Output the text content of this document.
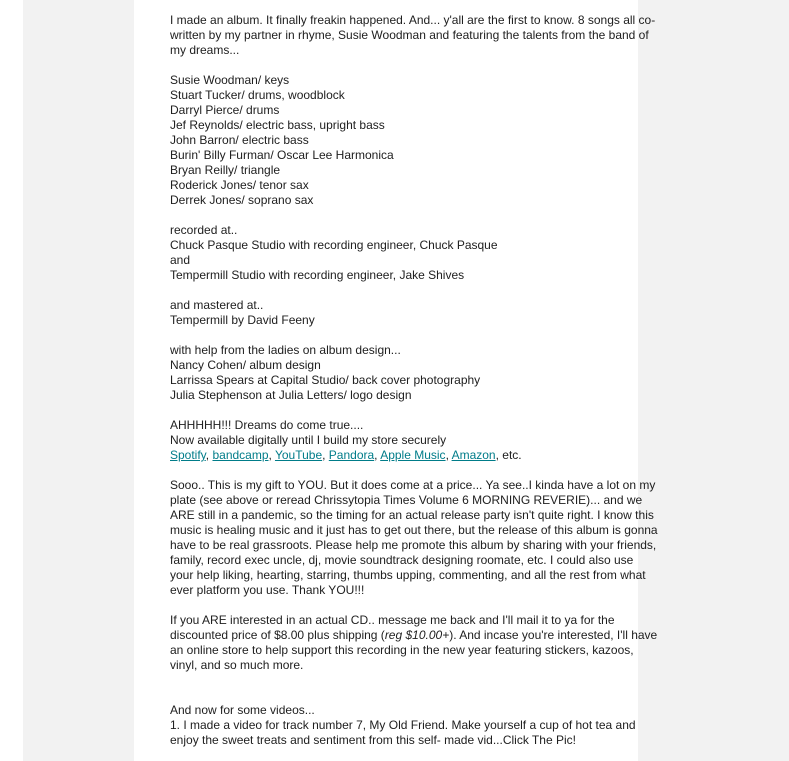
I made an album. It finally freakin happened. And... y'all are the first to know. 8 songs all co-written by my partner in rhyme, Susie Woodman and featuring the talents from the band of my dreams...

Susie Woodman/ keys
Stuart Tucker/ drums, woodblock
Darryl Pierce/ drums
Jef Reynolds/ electric bass, upright bass
John Barron/ electric bass
Burin' Billy Furman/ Oscar Lee Harmonica
Bryan Reilly/ triangle
Roderick Jones/ tenor sax
Derrek Jones/ soprano sax
recorded at..
Chuck Pasque Studio with recording engineer, Chuck Pasque
and
Tempermill Studio with recording engineer, Jake Shives
and mastered at..
Tempermill by David Feeny
with help from the ladies on album design...
Nancy Cohen/ album design
Larrissa Spears at Capital Studio/ back cover photography
Julia Stephenson at Julia Letters/ logo design
AHHHHH!!! Dreams do come true....
Now available digitally until I build my store securely
Spotify, bandcamp, YouTube, Pandora, Apple Music, Amazon, etc.

Sooo.. This is my gift to YOU. But it does come at a price... Ya see..I kinda have a lot on my plate (see above or reread Chrissytopia Times Volume 6 MORNING REVERIE)... and we ARE still in a pandemic, so the timing for an actual release party isn't quite right. I know this music is healing music and it just has to get out there, but the release of this album is gonna have to be real grassroots. Please help me promote this album by sharing with your friends, family, record exec uncle, dj, movie soundtrack designing roomate, etc. I could also use your help liking, hearting, starring, thumbs upping, commenting, and all the rest from what ever platform you use. Thank YOU!!!

If you ARE interested in an actual CD.. message me back and I'll mail it to ya for the discounted price of $8.00 plus shipping (reg $10.00+). And incase you're interested, I'll have an online store to help support this recording in the new year featuring stickers, kazoos, vinyl, and so much more.

And now for some videos...

1. I made a video for track number 7, My Old Friend. Make yourself a cup of hot tea and enjoy the sweet treats and sentiment from this self- made vid...Click The Pic!
